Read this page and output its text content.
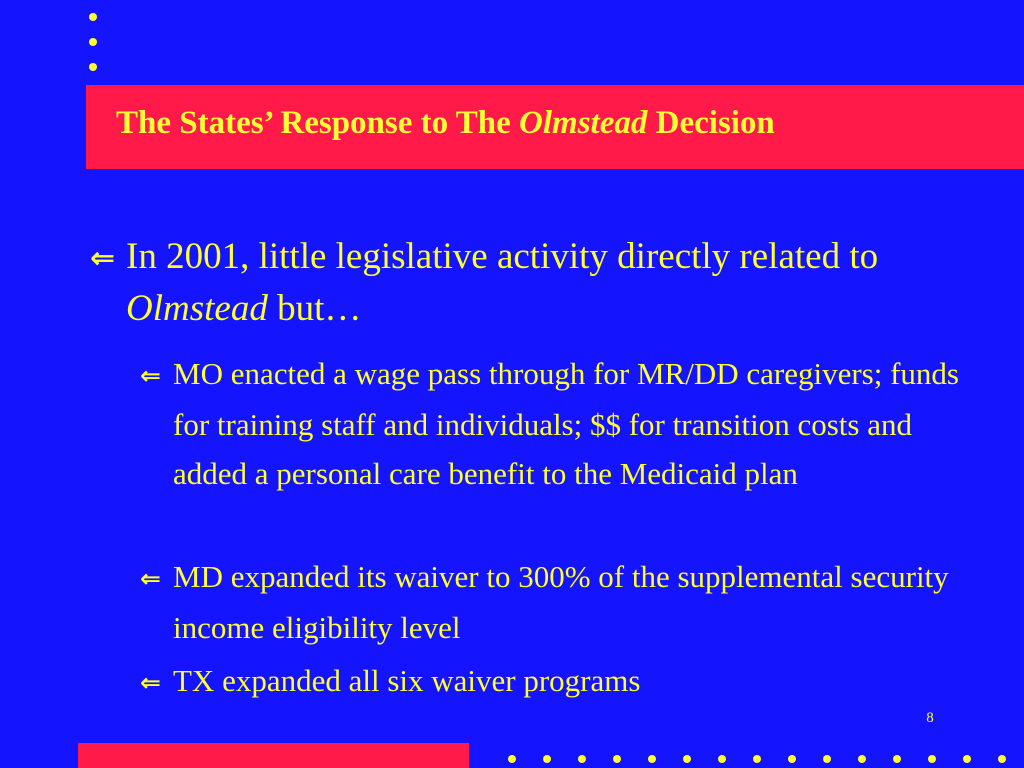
The States’ Response to The Olmstead Decision

⇐ In 2001, little legislative activity directly related to Olmstead but…

⇐ MO enacted a wage pass through for MR/DD caregivers; funds for training staff and individuals; $$ for transition costs and added a personal care benefit to the Medicaid plan

⇐ MD expanded its waiver to 300% of the supplemental security income eligibility level

⇐ TX expanded all six waiver programs

8
